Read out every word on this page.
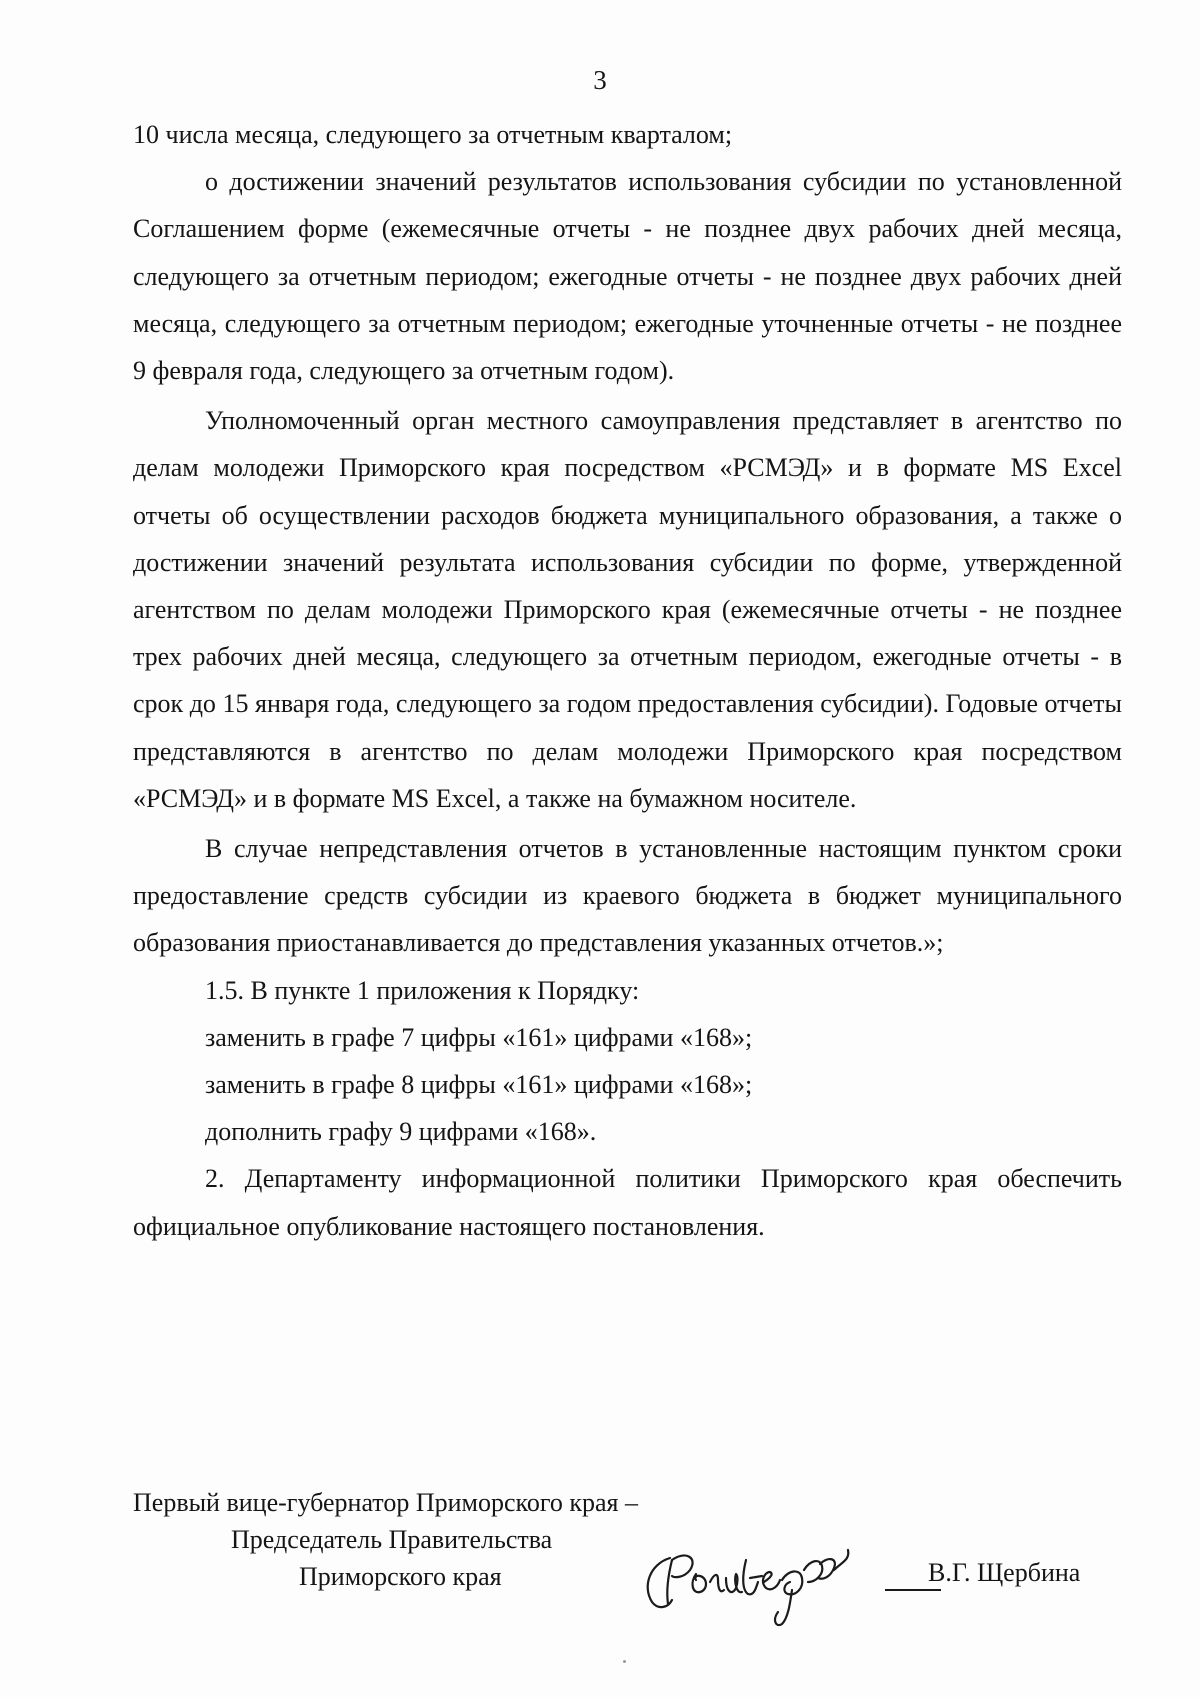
3

10 числа месяца, следующего за отчетным кварталом;

о достижении значений результатов использования субсидии по установленной Соглашением форме (ежемесячные отчеты - не позднее двух рабочих дней месяца, следующего за отчетным периодом; ежегодные отчеты - не позднее двух рабочих дней месяца, следующего за отчетным периодом; ежегодные уточненные отчеты - не позднее 9 февраля года, следующего за отчетным годом).

Уполномоченный орган местного самоуправления представляет в агентство по делам молодежи Приморского края посредством «РСМЭД» и в формате MS Excel отчеты об осуществлении расходов бюджета муниципального образования, а также о достижении значений результата использования субсидии по форме, утвержденной агентством по делам молодежи Приморского края (ежемесячные отчеты - не позднее трех рабочих дней месяца, следующего за отчетным периодом, ежегодные отчеты - в срок до 15 января года, следующего за годом предоставления субсидии). Годовые отчеты представляются в агентство по делам молодежи Приморского края посредством «РСМЭД» и в формате MS Excel, а также на бумажном носителе.

В случае непредставления отчетов в установленные настоящим пунктом сроки предоставление средств субсидии из краевого бюджета в бюджет муниципального образования приостанавливается до представления указанных отчетов.»;

1.5. В пункте 1 приложения к Порядку:

заменить в графе 7 цифры «161» цифрами «168»;

заменить в графе 8 цифры «161» цифрами «168»;

дополнить графу 9 цифрами «168».

2. Департаменту информационной политики Приморского края обеспечить официальное опубликование настоящего постановления.

Первый вице-губернатор Приморского края –
Председатель Правительства
Приморского края	В.Г. Щербина
